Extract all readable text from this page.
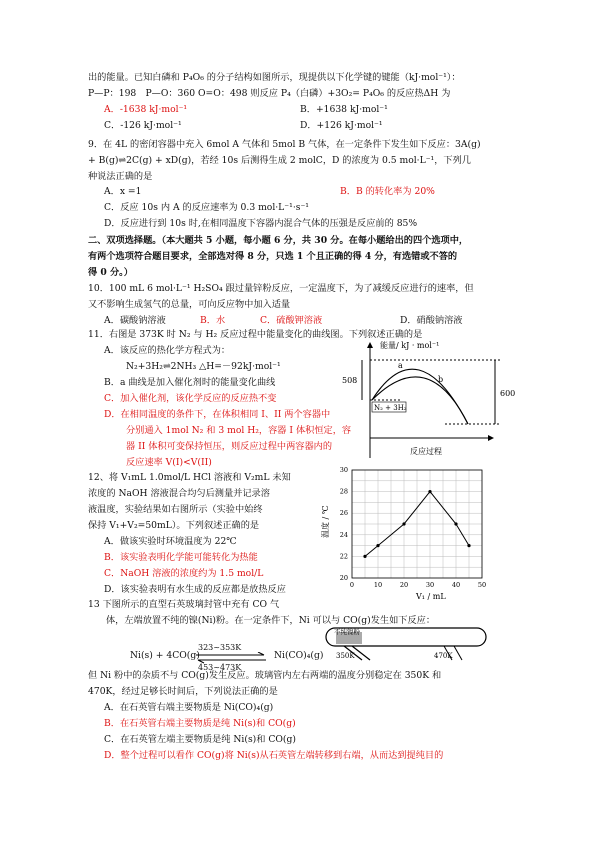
出的能量。已知白磷和 P₄O₆ 的分子结构如图所示，现提供以下化学键的键能（kJ·mol⁻¹）：
P—P：198　P—O：360 O=O：498 则反应 P₄（白磷）+3O₂= P₄O₆ 的反应热ΔH 为
A．-1638 kJ·mol⁻¹	B．+1638 kJ·mol⁻¹
C．-126 kJ·mol⁻¹	D．+126 kJ·mol⁻¹
9．在 4L 的密闭容器中充入 6mol A 气体和 5mol B 气体，在一定条件下发生如下反应：3A(g)
+ B(g)⇌2C(g) + xD(g)，若经 10s 后测得生成 2 molC，D 的浓度为 0.5 mol·L⁻¹，下列几
种说法正确的是
A．x =1	B．B 的转化率为 20%
C．反应 10s 内 A 的反应速率为 0.3 mol·L⁻¹·s⁻¹
D．反应进行到 10s 时,在相同温度下容器内混合气体的压强是反应前的 85%
二、双项选择题。（本大题共 5 小题，每小题 6 分，共 30 分。在每小题给出的四个选项中，
有两个选项符合题目要求，全部选对得 8 分，只选 1 个且正确的得 4 分，有选错或不答的
得 0 分。）
10．100 mL 6 mol·L⁻¹ H₂SO₄ 跟过量锌粉反应，一定温度下，为了减缓反应进行的速率，但
又不影响生成氢气的总量，可向反应物中加入适量
A．碳酸钠溶液	B．水	C．硫酸钾溶液	D．硝酸钠溶液
11．右图是 373K 时 N₂ 与 H₂ 反应过程中能量变化的曲线图。下列叙述正确的是
A．该反应的热化学方程式为：
N₂+3H₂⇌2NH₃ △H=－92kJ·mol⁻¹
B．a 曲线是加入催化剂时的能量变化曲线
C．加入催化剂，该化学反应的反应热不变
D．在相同温度的条件下，在体积相同 I、II 两个容器中
分别通入 1mol N₂ 和 3 mol H₂，容器 I 体积恒定，容
器 II 体积可变保持恒压，则反应过程中两容器内的
反应速率 V(I)<V(II)
能量/ kJ · mol⁻¹
600
508
a
b
N₂ + 3H₂
反应过程
12、将 V₁mL 1.0mol/L HCl 溶液和 V₂mL 未知
浓度的 NaOH 溶液混合均匀后测量并记录溶
液温度，实验结果如右图所示（实验中始终
保持 V₁+V₂=50mL）。下列叙述正确的是
A．做该实验时环境温度为 22℃
B．该实验表明化学能可能转化为热能
C．NaOH 溶液的浓度约为 1.5 mol/L
D．该实验表明有水生成的反应都是放热反应
温度 / ℃
V₁ / mL
0	10	20	30	40	50
20
22
24
26
28
30
13 下图所示的直型石英玻璃封管中充有 CO 气
体，左端放置不纯的镍(Ni)粉。在一定条件下，Ni 可以与 CO(g)发生如下反应：
Ni(s) + 4CO(g)
323~353K
453~473K
Ni(CO)₄(g)
不纯镍粉
350K	470K
但 Ni 粉中的杂质不与 CO(g)发生反应。玻璃管内左右两端的温度分别稳定在 350K 和
470K，经过足够长时间后，下列说法正确的是
A．在石英管右端主要物质是 Ni(CO)₄(g)
B．在石英管右端主要物质是纯 Ni(s)和 CO(g)
C．在石英管左端主要物质是纯 Ni(s)和 CO(g)
D．整个过程可以看作 CO(g)将 Ni(s)从石英管左端转移到右端，从而达到提纯目的
